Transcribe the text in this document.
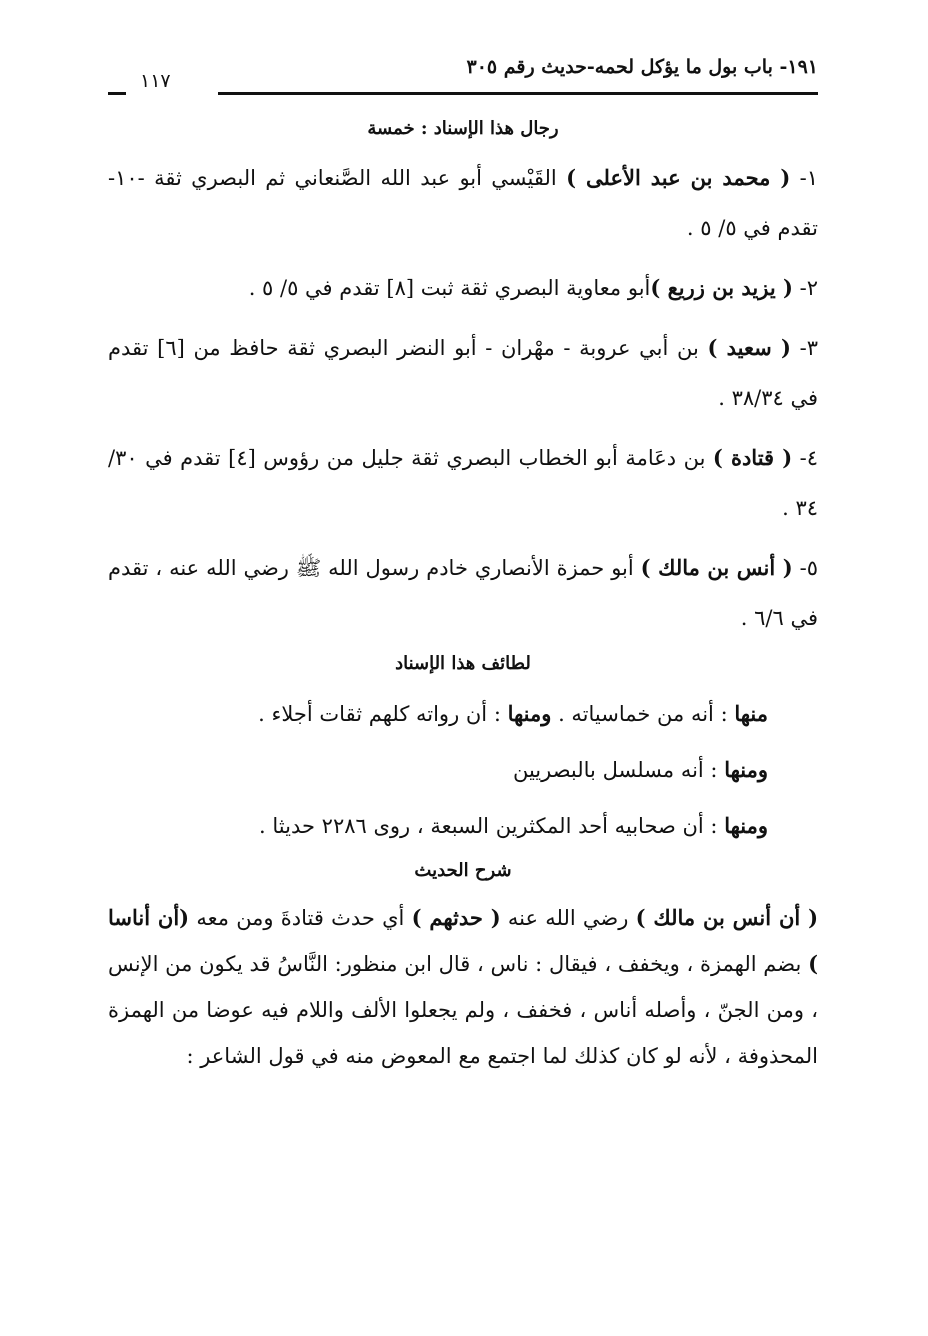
١٩١- باب بول ما يؤكل لحمه-حديث رقم ٣٠٥
١١٧
رجال هذا الإسناد : خمسة

١- ( محمد بن عبد الأعلى ) القَيْسي أبو عبد الله الصَّنعاني ثم البصري ثقة -١٠- تقدم في ٥/ ٥ .

٢- ( يزيد بن زريع )أبو معاوية البصري ثقة ثبت [٨] تقدم في ٥/ ٥ .

٣- ( سعيد ) بن أبي عروبة - مهْران - أبو النضر البصري ثقة حافظ من [٦] تقدم في ٣٨/٣٤ .

٤- ( قتادة ) بن دعَامة أبو الخطاب البصري ثقة جليل من رؤوس [٤] تقدم في ٣٠/ ٣٤ .

٥- ( أنس بن مالك ) أبو حمزة الأنصاري خادم رسول الله ﷺ رضي الله عنه ، تقدم في ٦/٦ .

لطائف هذا الإسناد
منها : أنه من خماسياته . ومنها : أن رواته كلهم ثقات أجلاء .
ومنها : أنه مسلسل بالبصريين
ومنها : أن صحابيه أحد المكثرين السبعة ، روى ٢٢٨٦ حديثا .
شرح الحديث

( أن أنس بن مالك ) رضي الله عنه ( حدثهم ) أي حدث قتادةَ ومن معه (أن أناسا ) بضم الهمزة ، ويخفف ، فيقال : ناس ، قال ابن منظور: النَّاسُ قد يكون من الإنس ، ومن الجنّ ، وأصله أناس ، فخفف ، ولم يجعلوا الألف واللام فيه عوضا من الهمزة المحذوفة ، لأنه لو كان كذلك لما اجتمع مع المعوض منه في قول الشاعر :
